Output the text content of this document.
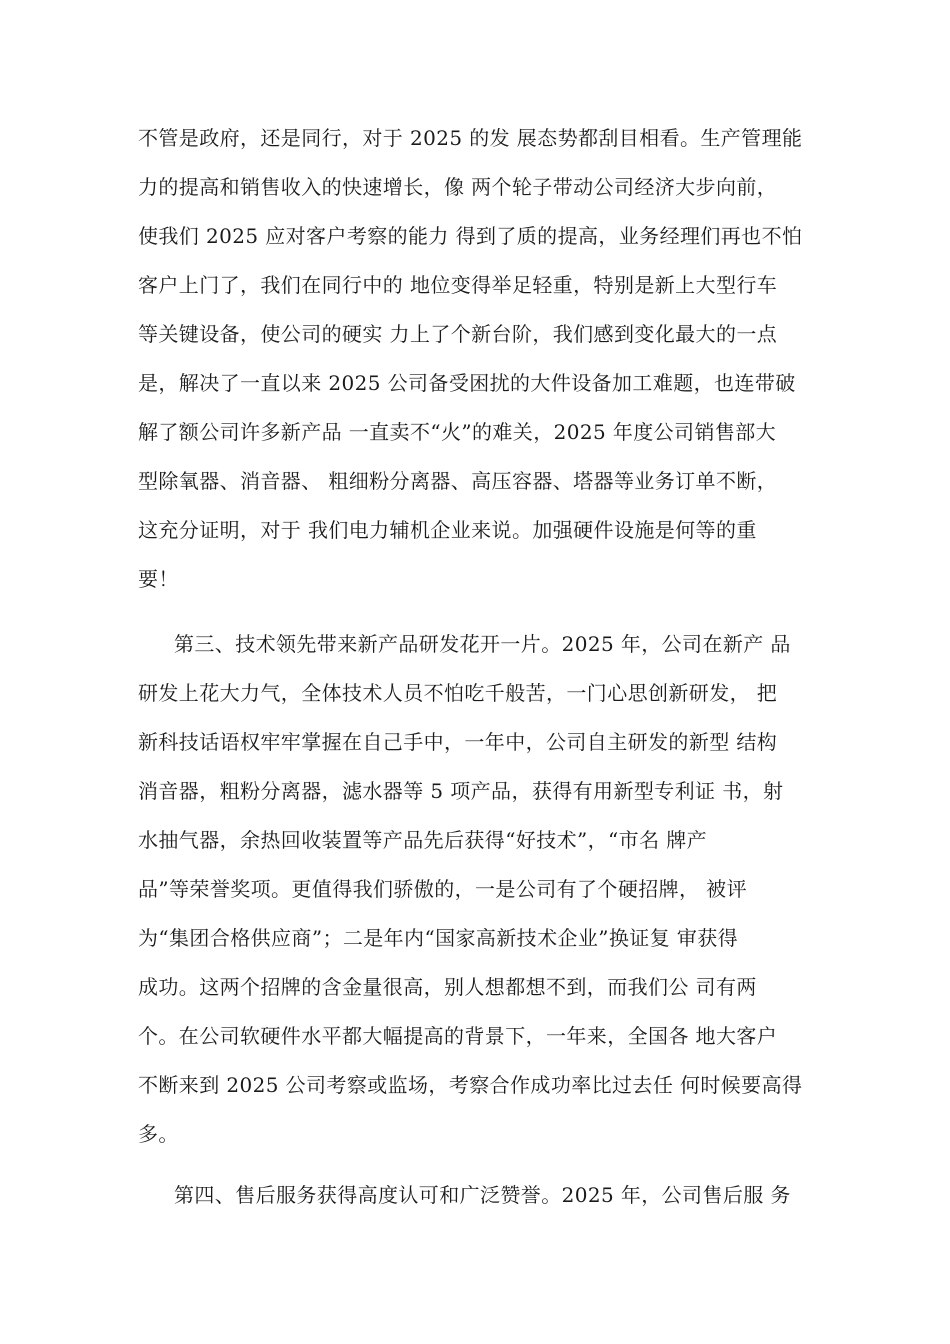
不管是政府，还是同行，对于 2025 的发 展态势都刮目相看。生产管理能
力的提高和销售收入的快速增长，像 两个轮子带动公司经济大步向前，
使我们 2025 应对客户考察的能力 得到了质的提高，业务经理们再也不怕
客户上门了，我们在同行中的 地位变得举足轻重，特别是新上大型行车
等关键设备，使公司的硬实 力上了个新台阶，我们感到变化最大的一点
是，解决了一直以来 2025 公司备受困扰的大件设备加工难题，也连带破
解了额公司许多新产品 一直卖不“火”的难关，2025 年度公司销售部大
型除氧器、消音器、 粗细粉分离器、高压容器、塔器等业务订单不断，
这充分证明，对于 我们电力辅机企业来说。加强硬件设施是何等的重
要！
第三、技术领先带来新产品研发花开一片。2025 年，公司在新产 品
研发上花大力气，全体技术人员不怕吃千般苦，一门心思创新研发， 把
新科技话语权牢牢掌握在自己手中，一年中，公司自主研发的新型 结构
消音器，粗粉分离器，滤水器等 5 项产品，获得有用新型专利证 书，射
水抽气器，余热回收装置等产品先后获得“好技术”，“市名 牌产
品”等荣誉奖项。更值得我们骄傲的，一是公司有了个硬招牌， 被评
为“集团合格供应商”；二是年内“国家高新技术企业”换证复 审获得
成功。这两个招牌的含金量很高，别人想都想不到，而我们公 司有两
个。在公司软硬件水平都大幅提高的背景下，一年来，全国各 地大客户
不断来到 2025 公司考察或监场，考察合作成功率比过去任 何时候要高得
多。
第四、售后服务获得高度认可和广泛赞誉。2025 年，公司售后服 务
